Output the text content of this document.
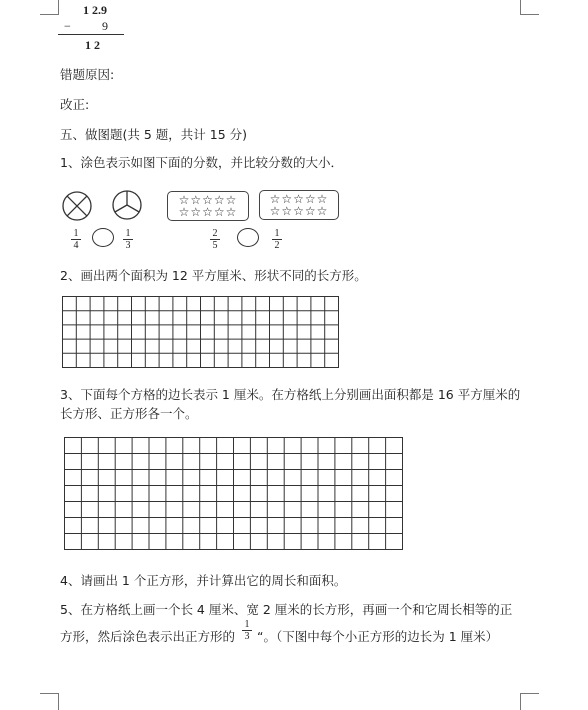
1 2.9
−	9
1 2
错题原因:
改正:
五、做图题(共 5 题，共计 15 分)
1、涂色表示如图下面的分数，并比较分数的大小．
☆☆☆☆☆
☆☆☆☆☆
☆☆☆☆☆
☆☆☆☆☆
1
4
1
3
2
5
1
2
2、画出两个面积为 12 平方厘米、形状不同的长方形。
3、下面每个方格的边长表示 1 厘米。在方格纸上分别画出面积都是 16 平方厘米的
长方形、正方形各一个。
4、请画出 1 个正方形，并计算出它的周长和面积。
5、在方格纸上画一个长 4 厘米、宽 2 厘米的长方形，再画一个和它周长相等的正
方形，然后涂色表示出正方形的
1
3 “。（下图中每个小正方形的边长为 1 厘米）
